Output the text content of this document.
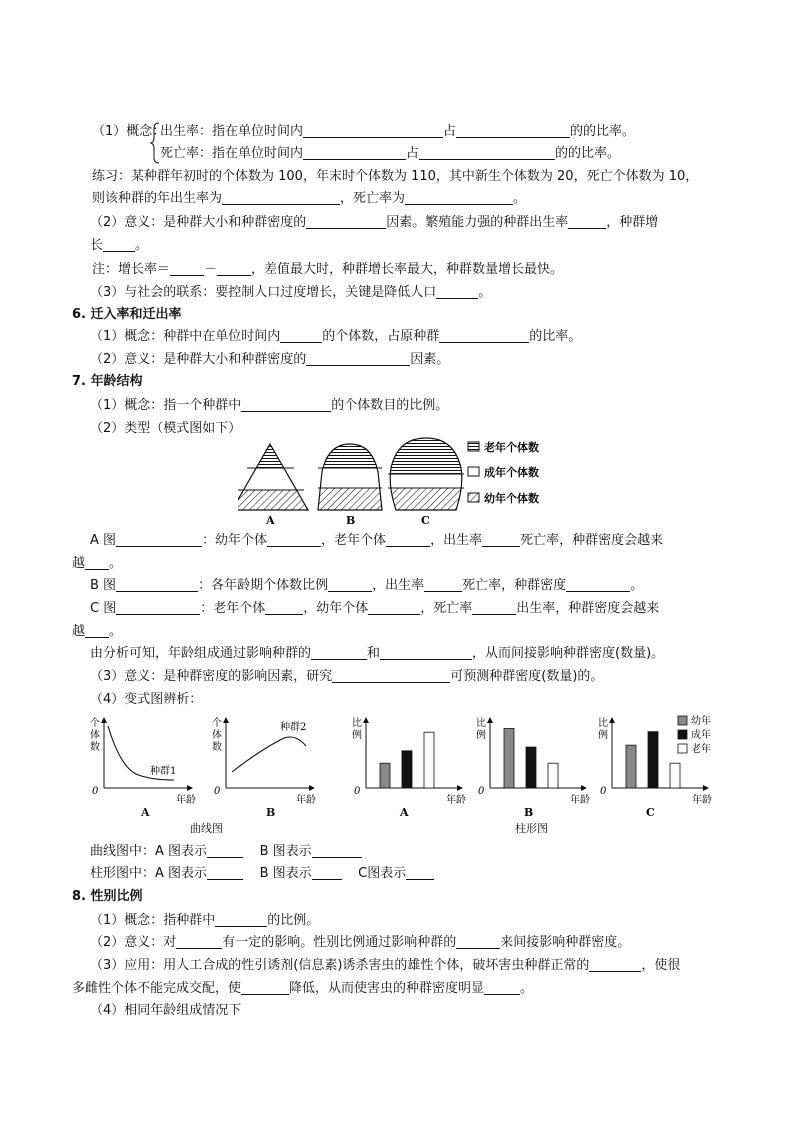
（1）概念：
出生率：指在单位时间内	占	的的比率。
死亡率：指在单位时间内	占	的的比率。
练习：某种群年初时的个体数为 100，年末时个体数为 110，其中新生个体数为 20，死亡个体数为 10，
则该种群的年出生率为	，死亡率为	。
（2）意义：是种群大小和种群密度的	因素。繁殖能力强的种群出生率	，种群增
长 。
注：增长率＝	－	，差值最大时，种群增长率最大，种群数量增长最快。
（3）与社会的联系：要控制人口过度增长，关键是降低人口	。
6. 迁入率和迁出率
（1）概念：种群中在单位时间内	的个体数，占原种群	的比率。
（2）意义：是种群大小和种群密度的	因素。
7. 年龄结构
（1）概念：指一个种群中	的个体数目的比例。
（2）类型（模式图如下）
A	B	C
老年个体数
成年个体数
幼年个体数
A 图	：幼年个体	，老年个体	，出生率	死亡率，种群密度会越来
越 。
B 图	：各年龄期个体数比例	，出生率	死亡率，种群密度	。
C 图	：老年个体	，幼年个体	，死亡率	出生率，种群密度会越来
越 。
由分析可知，年龄组成通过影响种群的	和	，从而间接影响种群密度(数量)。
（3）意义：是种群密度的影响因素，研究	可预测种群密度(数量)的。
（4）变式图辨析：
个
体
数
种群1
0
年龄
个
体
数
种群2
0
年龄
A	B
曲线图
比
例
0
年龄
A
比
例
0
年龄
B
比
例
0
年龄
C
幼年
成年
老年
柱形图
曲线图中：A 图表示	B 图表示
柱形图中：A 图表示	B 图表示	C图表示
8. 性别比例
（1）概念：指种群中	的比例。
（2）意义：对	有一定的影响。性别比例通过影响种群的	来间接影响种群密度。
（3）应用：用人工合成的性引诱剂(信息素)诱杀害虫的雄性个体，破坏害虫种群正常的	，使很
多雌性个体不能完成交配，使	降低，从而使害虫的种群密度明显	。
（4）相同年龄组成情况下
